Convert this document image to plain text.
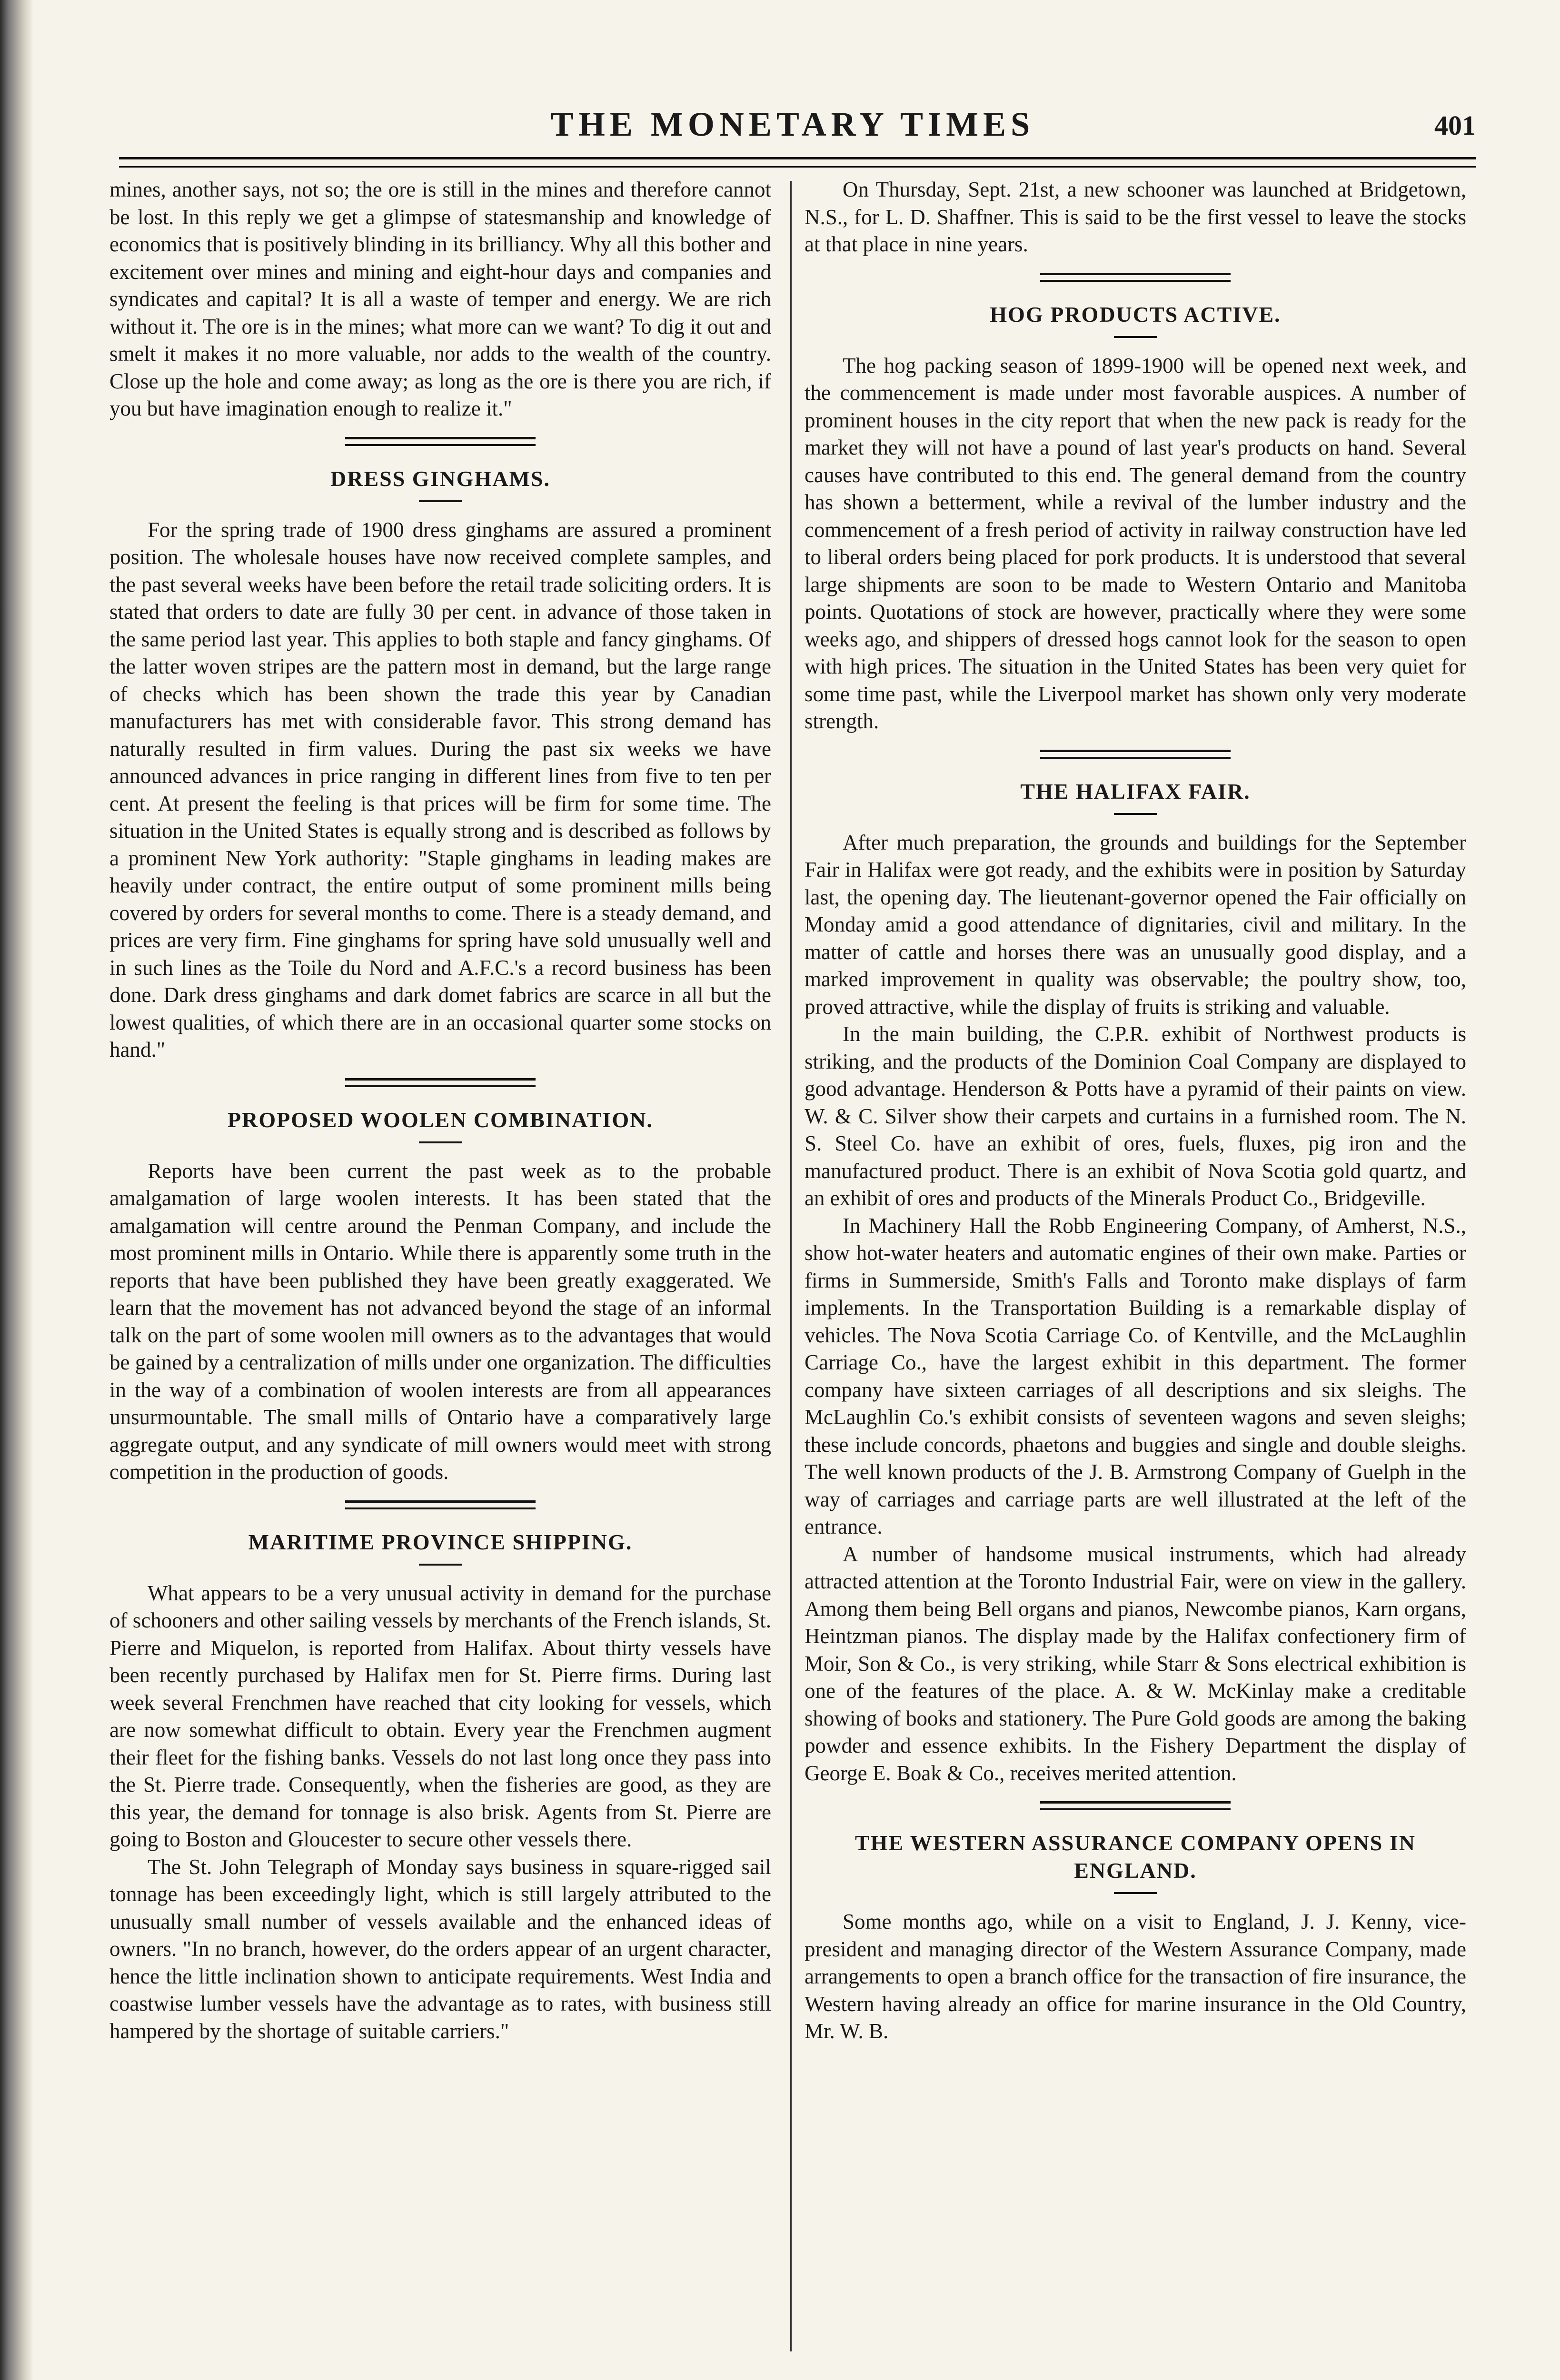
THE MONETARY TIMES	401

mines, another says, not so; the ore is still in the mines and therefore cannot be lost. In this reply we get a glimpse of statesmanship and knowledge of economics that is positively blinding in its brilliancy. Why all this bother and excitement over mines and mining and eight-hour days and companies and syndicates and capital? It is all a waste of temper and energy. We are rich without it. The ore is in the mines; what more can we want? To dig it out and smelt it makes it no more valuable, nor adds to the wealth of the country. Close up the hole and come away; as long as the ore is there you are rich, if you but have imagination enough to realize it."

DRESS GINGHAMS.

For the spring trade of 1900 dress ginghams are assured a prominent position. The wholesale houses have now received complete samples, and the past several weeks have been before the retail trade soliciting orders. It is stated that orders to date are fully 30 per cent. in advance of those taken in the same period last year. This applies to both staple and fancy ginghams. Of the latter woven stripes are the pattern most in demand, but the large range of checks which has been shown the trade this year by Canadian manufacturers has met with considerable favor. This strong demand has naturally resulted in firm values. During the past six weeks we have announced advances in price ranging in different lines from five to ten per cent. At present the feeling is that prices will be firm for some time. The situation in the United States is equally strong and is described as follows by a prominent New York authority: "Staple ginghams in leading makes are heavily under contract, the entire output of some prominent mills being covered by orders for several months to come. There is a steady demand, and prices are very firm. Fine ginghams for spring have sold unusually well and in such lines as the Toile du Nord and A.F.C.'s a record business has been done. Dark dress ginghams and dark domet fabrics are scarce in all but the lowest qualities, of which there are in an occasional quarter some stocks on hand."

PROPOSED WOOLEN COMBINATION.

Reports have been current the past week as to the probable amalgamation of large woolen interests. It has been stated that the amalgamation will centre around the Penman Company, and include the most prominent mills in Ontario. While there is apparently some truth in the reports that have been published they have been greatly exaggerated. We learn that the movement has not advanced beyond the stage of an informal talk on the part of some woolen mill owners as to the advantages that would be gained by a centralization of mills under one organization. The difficulties in the way of a combination of woolen interests are from all appearances unsurmountable. The small mills of Ontario have a comparatively large aggregate output, and any syndicate of mill owners would meet with strong competition in the production of goods.

MARITIME PROVINCE SHIPPING.

What appears to be a very unusual activity in demand for the purchase of schooners and other sailing vessels by merchants of the French islands, St. Pierre and Miquelon, is reported from Halifax. About thirty vessels have been recently purchased by Halifax men for St. Pierre firms. During last week several Frenchmen have reached that city looking for vessels, which are now somewhat difficult to obtain. Every year the Frenchmen augment their fleet for the fishing banks. Vessels do not last long once they pass into the St. Pierre trade. Consequently, when the fisheries are good, as they are this year, the demand for tonnage is also brisk. Agents from St. Pierre are going to Boston and Gloucester to secure other vessels there.

The St. John Telegraph of Monday says business in square-rigged sail tonnage has been exceedingly light, which is still largely attributed to the unusually small number of vessels available and the enhanced ideas of owners. "In no branch, however, do the orders appear of an urgent character, hence the little inclination shown to anticipate requirements. West India and coastwise lumber vessels have the advantage as to rates, with business still hampered by the shortage of suitable carriers."

On Thursday, Sept. 21st, a new schooner was launched at Bridgetown, N.S., for L. D. Shaffner. This is said to be the first vessel to leave the stocks at that place in nine years.

HOG PRODUCTS ACTIVE.

The hog packing season of 1899-1900 will be opened next week, and the commencement is made under most favorable auspices. A number of prominent houses in the city report that when the new pack is ready for the market they will not have a pound of last year's products on hand. Several causes have contributed to this end. The general demand from the country has shown a betterment, while a revival of the lumber industry and the commencement of a fresh period of activity in railway construction have led to liberal orders being placed for pork products. It is understood that several large shipments are soon to be made to Western Ontario and Manitoba points. Quotations of stock are however, practically where they were some weeks ago, and shippers of dressed hogs cannot look for the season to open with high prices. The situation in the United States has been very quiet for some time past, while the Liverpool market has shown only very moderate strength.

THE HALIFAX FAIR.

After much preparation, the grounds and buildings for the September Fair in Halifax were got ready, and the exhibits were in position by Saturday last, the opening day. The lieutenant-governor opened the Fair officially on Monday amid a good attendance of dignitaries, civil and military. In the matter of cattle and horses there was an unusually good display, and a marked improvement in quality was observable; the poultry show, too, proved attractive, while the display of fruits is striking and valuable.

In the main building, the C.P.R. exhibit of Northwest products is striking, and the products of the Dominion Coal Company are displayed to good advantage. Henderson & Potts have a pyramid of their paints on view. W. & C. Silver show their carpets and curtains in a furnished room. The N. S. Steel Co. have an exhibit of ores, fuels, fluxes, pig iron and the manufactured product. There is an exhibit of Nova Scotia gold quartz, and an exhibit of ores and products of the Minerals Product Co., Bridgeville.

In Machinery Hall the Robb Engineering Company, of Amherst, N.S., show hot-water heaters and automatic engines of their own make. Parties or firms in Summerside, Smith's Falls and Toronto make displays of farm implements. In the Transportation Building is a remarkable display of vehicles. The Nova Scotia Carriage Co. of Kentville, and the McLaughlin Carriage Co., have the largest exhibit in this department. The former company have sixteen carriages of all descriptions and six sleighs. The McLaughlin Co.'s exhibit consists of seventeen wagons and seven sleighs; these include concords, phaetons and buggies and single and double sleighs. The well known products of the J. B. Armstrong Company of Guelph in the way of carriages and carriage parts are well illustrated at the left of the entrance.

A number of handsome musical instruments, which had already attracted attention at the Toronto Industrial Fair, were on view in the gallery. Among them being Bell organs and pianos, Newcombe pianos, Karn organs, Heintzman pianos. The display made by the Halifax confectionery firm of Moir, Son & Co., is very striking, while Starr & Sons electrical exhibition is one of the features of the place. A. & W. McKinlay make a creditable showing of books and stationery. The Pure Gold goods are among the baking powder and essence exhibits. In the Fishery Department the display of George E. Boak & Co., receives merited attention.

THE WESTERN ASSURANCE COMPANY OPENS IN ENGLAND.

Some months ago, while on a visit to England, J. J. Kenny, vice-president and managing director of the Western Assurance Company, made arrangements to open a branch office for the transaction of fire insurance, the Western having already an office for marine insurance in the Old Country, Mr. W. B.
